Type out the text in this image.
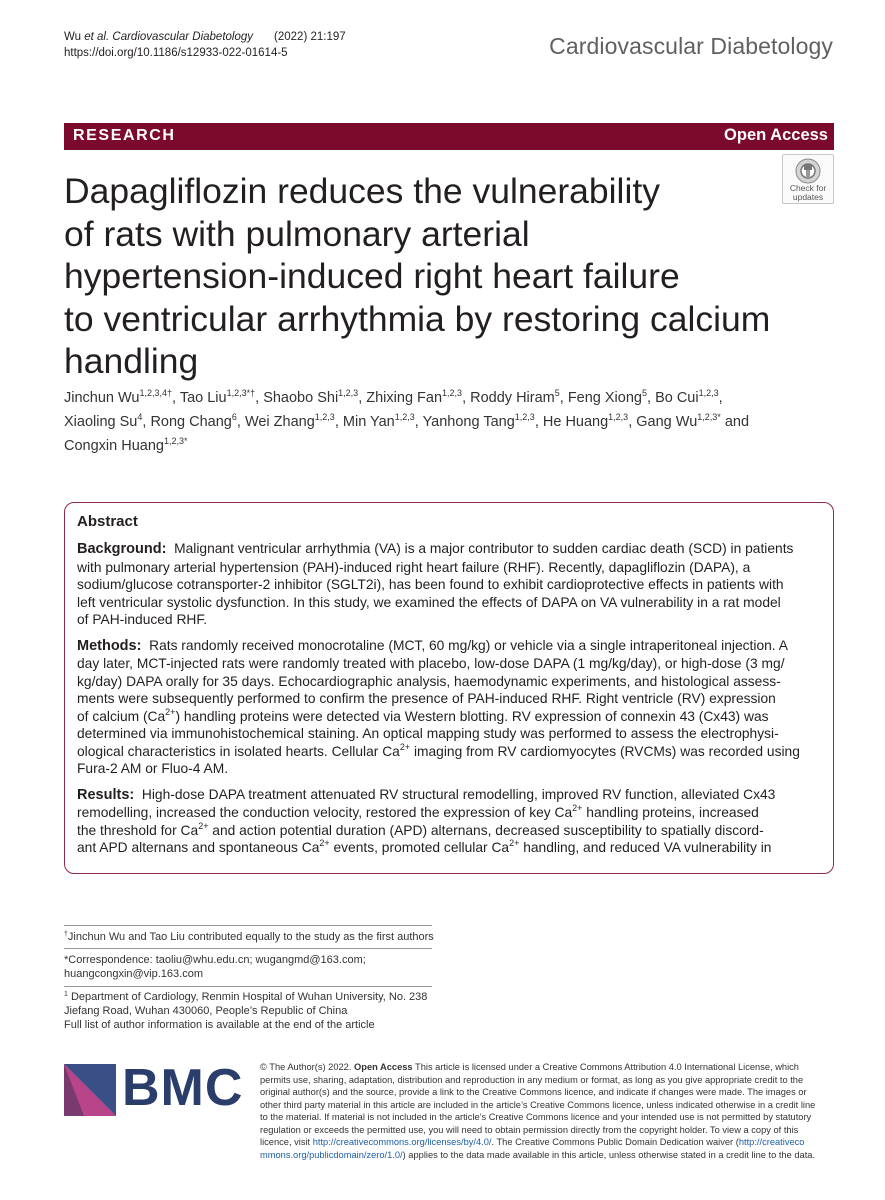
Wu
et al.
Cardiovascular Diabetology (2022) 21:197
https://doi.org/10.1186/s12933-022-01614-5	Cardiovascular Diabetology
RESEARCH	Open Access
Check for
updates
Dapagliflozin reduces the vulnerability
of rats with pulmonary arterial
hypertension-induced right heart failure
to ventricular arrhythmia by restoring calcium
handling
Jinchun $Wu^{1,2,3,4\dagger}$, Tao Liu$^{1,2,3*\dagger}$, Shaobo Shi$^{1,2,3}$, Zhixing Fan$^{1,2,3}$, Roddy Hiram$^5$, Feng Xiong$^5$, Bo Cui$^{1,2,3}$,
Xiaoling Su$^4$, Rong Chang$^6$, Wei Zhang$^{1,2,3}$, Min Yan$^{1,2,3}$, Yanhong Tang$^{1,2,3}$, He Huang$^{1,2,3}$, Gang $Wu^{1,2,3*}$ and
Congxin Huang$^{1,2,3*}$
Abstract
Background: Malignant ventricular arrhythmia (VA) is a major contributor to sudden cardiac death (SCD) in patients
with pulmonary arterial hypertension (PAH)-induced right heart failure (RHF). Recently, dapagliflozin (DAPA), a
sodium/glucose cotransporter-2 inhibitor (SGLT2i), has been found to exhibit cardioprotective effects in patients with
left ventricular systolic dysfunction. In this study, we examined the effects of DAPA on VA vulnerability in a rat model
of PAH-induced RHF.
Methods: Rats randomly received monocrotaline (MCT, 60 mg/kg) or vehicle via a single intraperitoneal injection. A
day later, MCT-injected rats were randomly treated with placebo, low-dose DAPA (1 mg/kg/day), or high-dose (3 mg/
kg/day) DAPA orally for 35 days. Echocardiographic analysis, haemodynamic experiments, and histological assess-
ments were subsequently performed to confirm the presence of PAH-induced RHF. Right ventricle (RV) expression
of calcium $(Ca^{2+})$ handling proteins were detected via Western blotting. RV expression of connexin 43 (Cx43) was
determined via immunohistochemical staining. An optical mapping study was performed to assess the electrophysi-
ological characteristics in isolated hearts. Cellular $Ca^{2+}$ imaging from RV cardiomyocytes (RVCMs) was recorded using
Fura-2 AM or Fluo-4 AM.
Results: High-dose DAPA treatment attenuated RV structural remodelling, improved RV function, alleviated Cx43
remodelling, increased the conduction velocity, restored the expression of key $Ca^{2+}$ handling proteins, increased
the threshold for $Ca^{2+}$ and action potential duration (APD) alternans, decreased susceptibility to spatially discord-
ant APD alternans and spontaneous $Ca^{2+}$ events, promoted cellular $Ca^{2+}$ handling, and reduced VA vulnerability in
†Jinchun Wu and Tao Liu contributed equally to the study as the first authors
*Correspondence: taoliu@whu.edu.cn; wugangmd@163.com;
huangcongxin@vip.163.com
$^1$ Department of Cardiology, Renmin Hospital of Wuhan University, No. 238
Jiefang Road, Wuhan 430060, People’s Republic of China
Full list of author information is available at the end of the article
BMC © The Author(s) 2022. Open Access This article is licensed under a Creative Commons Attribution 4.0 International License, which
permits use, sharing, adaptation, distribution and reproduction in any medium or format, as long as you give appropriate credit to the
original author(s) and the source, provide a link to the Creative Commons licence, and indicate if changes were made. The images or
other third party material in this article are included in the article’s Creative Commons licence, unless indicated otherwise in a credit line
to the material. If material is not included in the article’s Creative Commons licence and your intended use is not permitted by statutory
regulation or exceeds the permitted use, you will need to obtain permission directly from the copyright holder. To view a copy of this
licence, visit http://creativecommons.org/licenses/by/4.0/. The Creative Commons Public Domain Dedication waiver (http://creativeco
mmons.org/publicdomain/zero/1.0/) applies to the data made available in this article, unless otherwise stated in a credit line to the data.
